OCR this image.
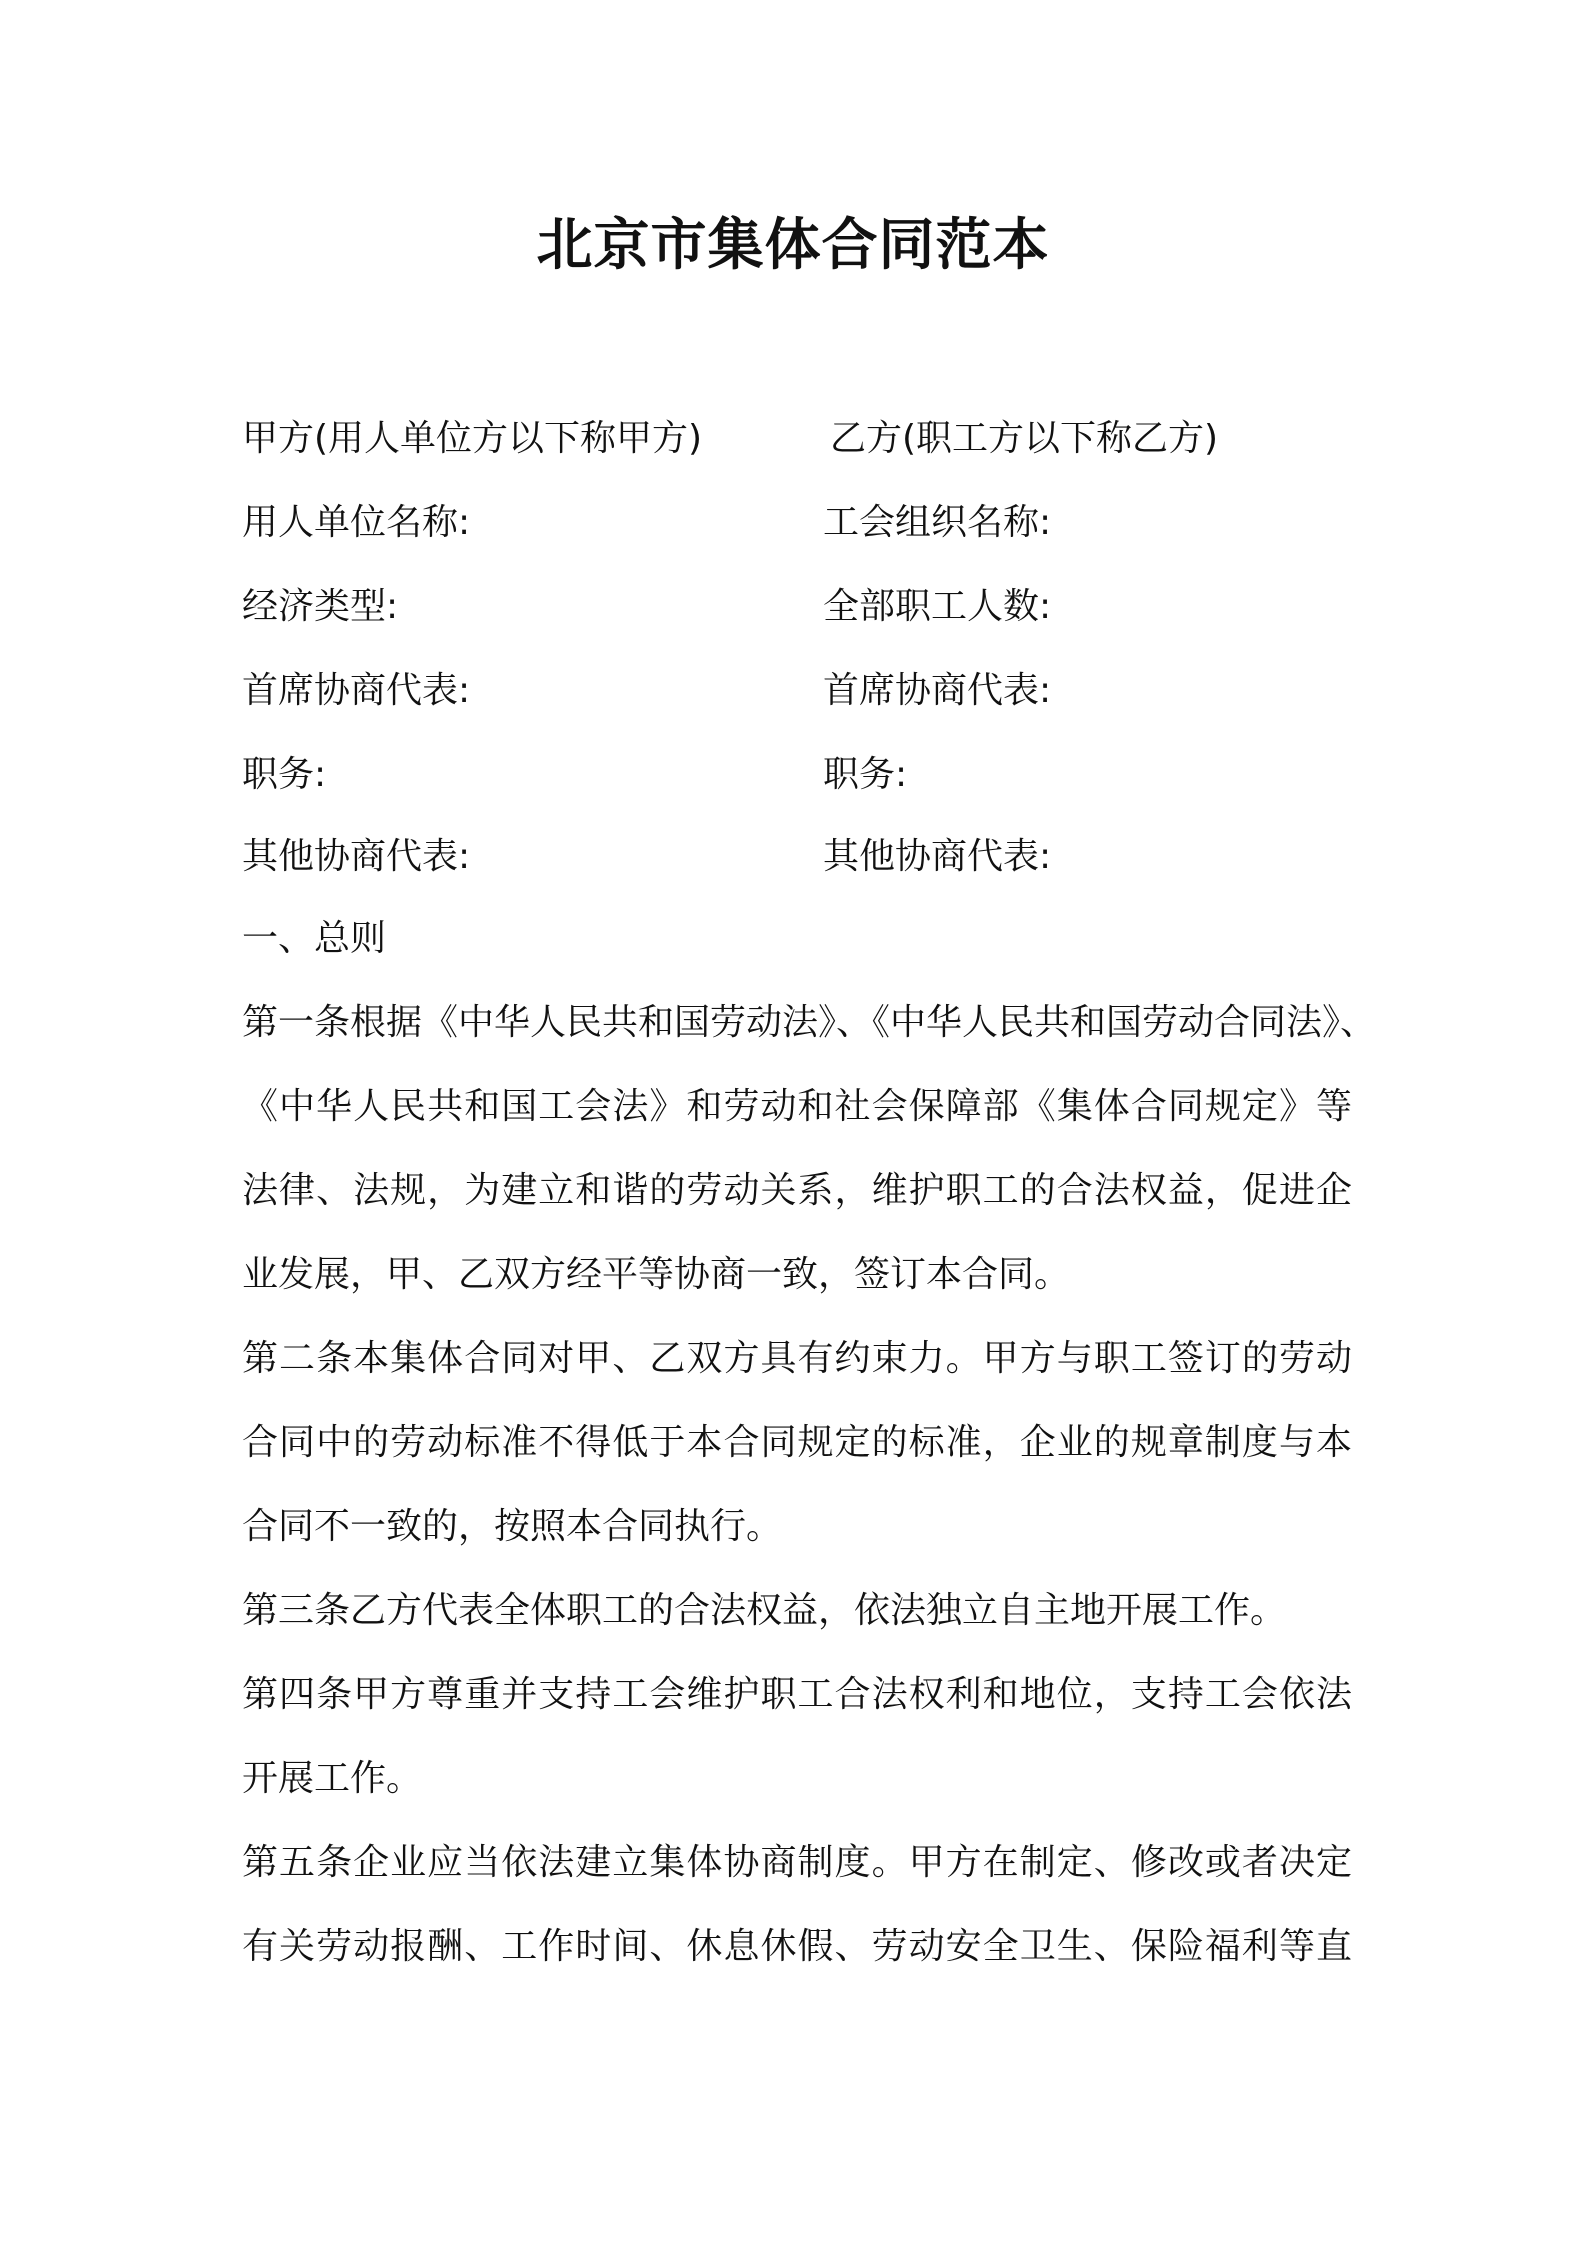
北京市集体合同范本
甲方(用人单位方以下称甲方)	乙方(职工方以下称乙方)
用人单位名称:	工会组织名称:
经济类型:	全部职工人数:
首席协商代表:	首席协商代表:
职务:	职务:
其他协商代表:	其他协商代表:
一、总则
第一条根据《中华人民共和国劳动法》、《中华人民共和国劳动合同法》、
《中华人民共和国工会法》和劳动和社会保障部《集体合同规定》等
法律、法规，为建立和谐的劳动关系，维护职工的合法权益，促进企
业发展，甲、乙双方经平等协商一致，签订本合同。
第二条本集体合同对甲、乙双方具有约束力。甲方与职工签订的劳动
合同中的劳动标准不得低于本合同规定的标准，企业的规章制度与本
合同不一致的，按照本合同执行。
第三条乙方代表全体职工的合法权益，依法独立自主地开展工作。
第四条甲方尊重并支持工会维护职工合法权利和地位，支持工会依法
开展工作。
第五条企业应当依法建立集体协商制度。甲方在制定、修改或者决定
有关劳动报酬、工作时间、休息休假、劳动安全卫生、保险福利等直
